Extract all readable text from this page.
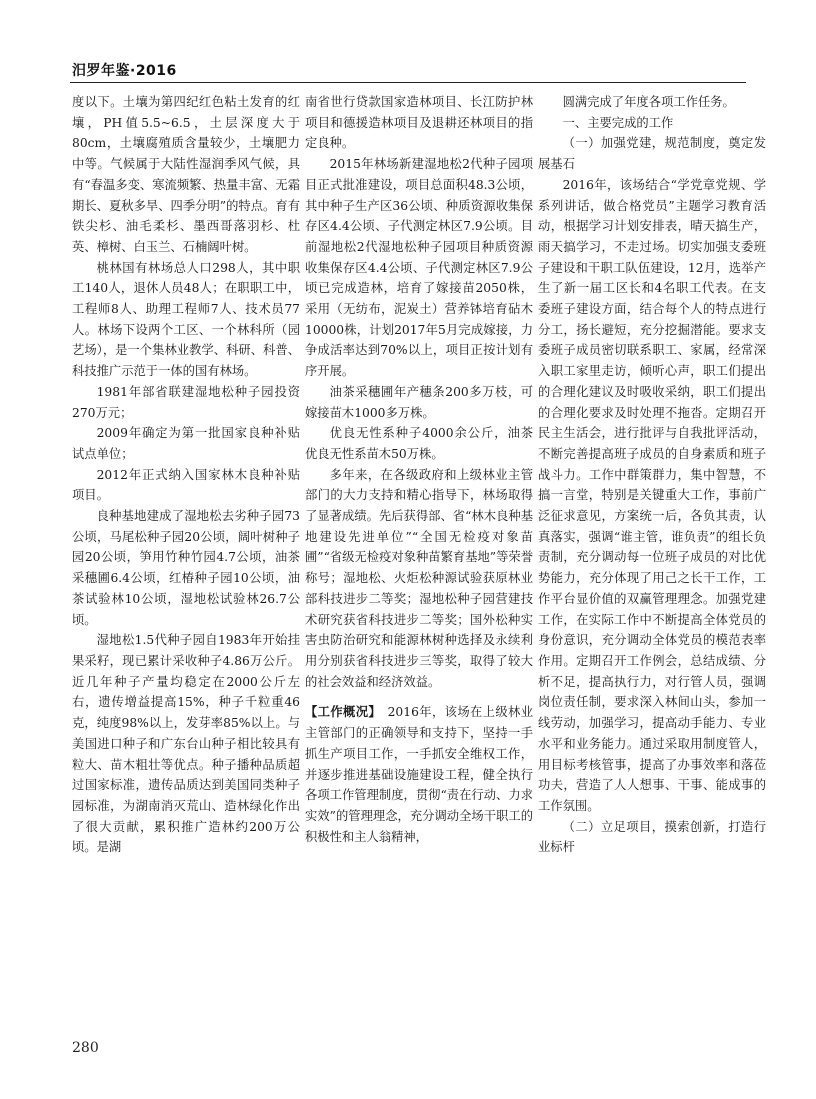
汨罗年鉴·2016

度以下。土壤为第四纪红色粘土发育的红壤，PH值5.5~6.5，土层深度大于80cm，土壤腐殖质含量较少，土壤肥力中等。气候属于大陆性湿润季风气候，具有“春温多变、寒流频繁、热量丰富、无霜期长、夏秋多旱、四季分明”的特点。育有铁尖杉、油毛柔杉、墨西哥落羽杉、杜英、樟树、白玉兰、石楠阔叶树。

桃林国有林场总人口298人，其中职工140人，退休人员48人；在职职工中，工程师8人、助理工程师7人、技术员77人。林场下设两个工区、一个林科所（园艺场），是一个集林业教学、科研、科普、科技推广示范于一体的国有林场。

1981年部省联建湿地松种子园投资270万元；

2009年确定为第一批国家良种补贴试点单位；

2012年正式纳入国家林木良种补贴项目。

良种基地建成了湿地松去劣种子园73公顷，马尾松种子园20公顷，阔叶树种子园20公顷，笋用竹种竹园4.7公顷，油茶采穗圃6.4公顷，红椿种子园10公顷，油茶试验林10公顷，湿地松试验林26.7公顷。

湿地松1.5代种子园自1983年开始挂果采籽，现已累计采收种子4.86万公斤。近几年种子产量均稳定在2000公斤左右，遗传增益提高15%，种子千粒重46克，纯度98%以上，发芽率85%以上。与美国进口种子和广东台山种子相比较具有粒大、苗木粗壮等优点。种子播种品质超过国家标准，遗传品质达到美国同类种子园标准，为湖南消灭荒山、造林绿化作出了很大贡献，累积推广造林约200万公顷。是湖

南省世行贷款国家造林项目、长江防护林项目和德援造林项目及退耕还林项目的指定良种。

2015年林场新建湿地松2代种子园项目正式批准建设，项目总面积48.3公顷，其中种子生产区36公顷、种质资源收集保存区4.4公顷、子代测定林区7.9公顷。目前湿地松2代湿地松种子园项目种质资源收集保存区4.4公顷、子代测定林区7.9公顷已完成造林，培育了嫁接苗2050株，采用（无纺布，泥炭土）营养钵培育砧木10000株，计划2017年5月完成嫁接，力争成活率达到70%以上，项目正按计划有序开展。

油茶采穗圃年产穗条200多万枝，可嫁接苗木1000多万株。

优良无性系种子4000余公斤，油茶优良无性系苗木50万株。

多年来，在各级政府和上级林业主管部门的大力支持和精心指导下，林场取得了显著成绩。先后获得部、省“林木良种基地建设先进单位”“全国无检疫对象苗圃”“省级无检疫对象种苗繁育基地”等荣誉称号；湿地松、火炬松种源试验获原林业部科技进步二等奖；湿地松种子园营建技术研究获省科技进步二等奖；国外松种实害虫防治研究和能源林树种选择及永续利用分别获省科技进步三等奖，取得了较大的社会效益和经济效益。

【工作概况】　 2016年，该场在上级林业主管部门的正确领导和支持下，坚持一手抓生产项目工作，一手抓安全维权工作，并逐步推进基础设施建设工程，健全执行各项工作管理制度，贯彻“责在行动、力求实效”的管理理念，充分调动全场干职工的积极性和主人翁精神，

圆满完成了年度各项工作任务。

一、主要完成的工作

（一）加强党建，规范制度，奠定发展基石

2016年，该场结合“学党章党规、学系列讲话，做合格党员”主题学习教育活动，根据学习计划安排表，晴天搞生产，雨天搞学习，不走过场。切实加强支委班子建设和干职工队伍建设，12月，选举产生了新一届工区长和4名职工代表。在支委班子建设方面，结合每个人的特点进行分工，扬长避短，充分挖掘潜能。要求支委班子成员密切联系职工、家属，经常深入职工家里走访，倾听心声，职工们提出的合理化建议及时吸收采纳，职工们提出的合理化要求及时处理不拖沓。定期召开民主生活会，进行批评与自我批评活动，不断完善提高班子成员的自身素质和班子战斗力。工作中群策群力，集中智慧，不搞一言堂，特别是关键重大工作，事前广泛征求意见，方案统一后，各负其责，认真落实，强调“谁主管，谁负责”的组长负责制，充分调动每一位班子成员的对比优势能力，充分体现了用己之长干工作，工作平台显价值的双赢管理理念。加强党建工作，在实际工作中不断提高全体党员的身份意识，充分调动全体党员的模范表率作用。定期召开工作例会，总结成绩、分析不足，提高执行力，对行管人员，强调岗位责任制，要求深入林间山头，参加一线劳动，加强学习，提高动手能力、专业水平和业务能力。通过采取用制度管人，用目标考核管事，提高了办事效率和落莅功夫，营造了人人想事、干事、能成事的工作氛围。

（二）立足项目，摸索创新，打造行业标杆

280
